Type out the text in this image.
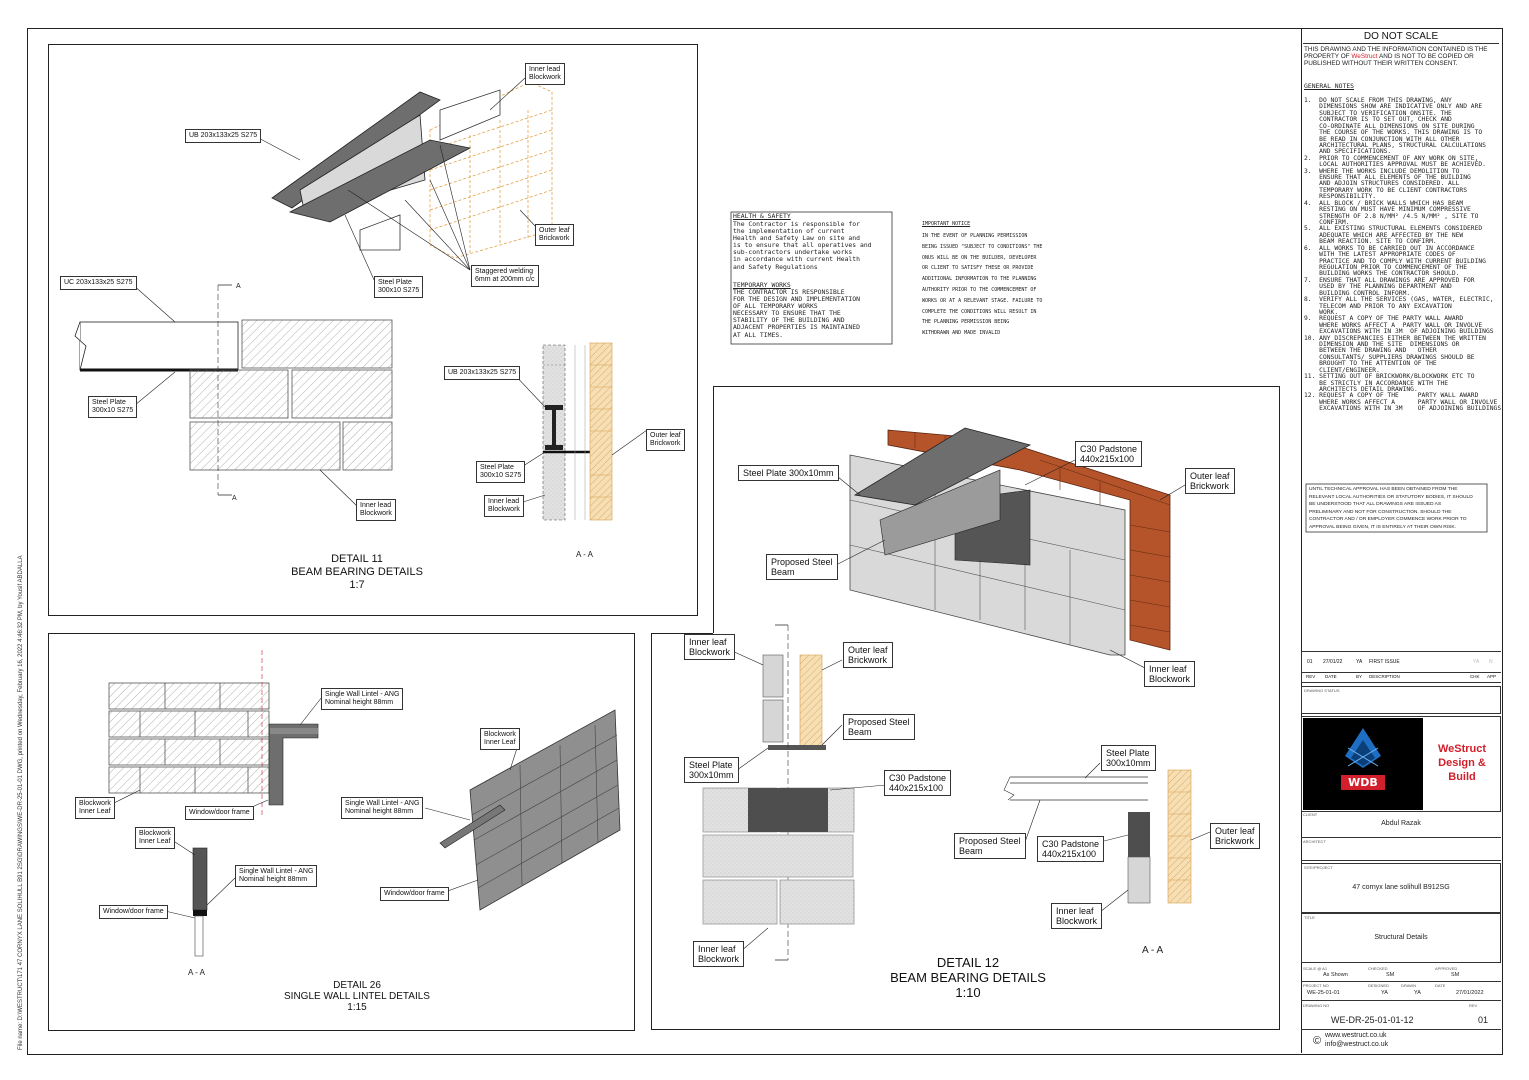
File name: D:\WESTRUCT\171 47 CORNYX LANE SOLIHULL B91 2SG\DRAWINGS\WE-DR-25-01-01 DWG, printed on Wednesday, February 16, 2022 4:46:32 PM, by Yousif ABDALLA
Inner lead
Blockwork
UB 203x133x25 S275
Outer leaf
Brickwork
Staggered welding
6mm at 200mm c/c
Steel Plate
300x10 S275
UC 203x133x25 S275
Steel Plate
300x10 S275
Inner lead
Blockwork
UB 203x133x25 S275
Outer leaf
Brickwork
Steel Plate
300x10 S275
Inner lead
Blockwork
A
A
DETAIL 11
BEAM BEARING DETAILS
1:7
A - A
Single Wall Lintel - ANG
Nominal height 88mm
Blockwork
Inner Leaf	Window/door frame
Blockwork
Inner Leaf
Single Wall Lintel - ANG
Nominal height 88mm
Window/door frame
Blockwork
Inner Leaf
Single Wall Lintel - ANG
Nominal height 88mm
Window/door frame
A - A
DETAIL 26
SINGLE WALL LINTEL DETAILS
1:15
C30 Padstone
440x215x100
Steel Plate 300x10mm	Outer leaf
Brickwork
Proposed Steel
Beam
Inner leaf
Blockwork
Inner leaf
Blockwork	Outer leaf
Brickwork
Proposed Steel
Beam
Steel Plate
300x10mm	C30 Padstone
440x215x100
Inner leaf
Blockwork
Steel Plate
300x10mm
Outer leaf
Brickwork
Proposed Steel
Beam
C30 Padstone
440x215x100
Inner leaf
Blockwork
A - A
DETAIL 12
BEAM BEARING DETAILS
1:10
HEALTH & SAFETY
The Contractor is responsible for
the implementation of current
Health and Safety Law on site and
is to ensure that all operatives and
sub-contractors undertake works
in accordance with current Health
and Safety Regulations
TEMPORARY WORKS
THE CONTRACTOR IS RESPONSIBLE
FOR THE DESIGN AND IMPLEMENTATION
OF ALL TEMPORARY WORKS
NECESSARY TO ENSURE THAT THE
STABILITY OF THE BUILDING AND
ADJACENT PROPERTIES IS MAINTAINED
AT ALL TIMES.
IMPORTANT NOTICE
IN THE EVENT OF PLANNING PERMISSION
BEING ISSUED "SUBJECT TO CONDITIONS" THE
ONUS WILL BE ON THE BUILDER, DEVELOPER
OR CLIENT TO SATISFY THESE OR PROVIDE
ADDITIONAL INFORMATION TO THE PLANNING
AUTHORITY PRIOR TO THE COMMENCEMENT OF
WORKS OR AT A RELEVANT STAGE. FAILURE TO
COMPLETE THE CONDITIONS WILL RESULT IN
THE PLANNING PERMISSION BEING
WITHDRAWN AND MADE INVALID
DO NOT SCALE
THIS DRAWING AND THE INFORMATION CONTAINED IS THE
PROPERTY OF WeStruct AND IS NOT TO BE COPIED OR
PUBLISHED WITHOUT THEIR WRITTEN CONSENT.
GENERAL NOTES
1.  DO NOT SCALE FROM THIS DRAWING, ANY
DIMENSIONS SHOW ARE INDICATIVE ONLY AND ARE
SUBJECT TO VERIFICATION ONSITE. THE
CONTRACTOR IS TO SET OUT, CHECK AND
CO-ORDINATE ALL DIMENSIONS ON SITE DURING
THE COURSE OF THE WORKS. THIS DRAWING IS TO
BE READ IN CONJUNCTION WITH ALL OTHER
ARCHITECTURAL PLANS, STRUCTURAL CALCULATIONS
AND SPECIFICATIONS.
2.  PRIOR TO COMMENCEMENT OF ANY WORK ON SITE,
LOCAL AUTHORITIES APPROVAL MUST BE ACHIEVED.
3.  WHERE THE WORKS INCLUDE DEMOLITION TO
ENSURE THAT ALL ELEMENTS OF THE BUILDING
AND ADJOIN STRUCTURES CONSIDERED. ALL
TEMPORARY WORK TO BE CLIENT CONTRACTORS
RESPONSIBILITY.
4.  ALL BLOCK / BRICK WALLS WHICH HAS BEAM
RESTING ON MUST HAVE MINIMUM COMPRESSIVE
STRENGTH OF 2.8 N/MM² /4.5 N/MM² , SITE TO
CONFIRM.
5.  ALL EXISTING STRUCTURAL ELEMENTS CONSIDERED
ADEQUATE WHICH ARE AFFECTED BY THE NEW
BEAM REACTION. SITE TO CONFIRM.
6.  ALL WORKS TO BE CARRIED OUT IN ACCORDANCE
WITH THE LATEST APPROPRIATE CODES OF
PRACTICE AND TO COMPLY WITH CURRENT BUILDING
REGULATION PRIOR TO COMMENCEMENT OF THE
BUILDING WORKS THE CONTRACTOR SHOULD.
7.  ENSURE THAT ALL DRAWINGS ARE APPROVED FOR
USED BY THE PLANNING DEPARTMENT AND
BUILDING CONTROL INFORM.
8.  VERIFY ALL THE SERVICES (GAS, WATER, ELECTRIC,
TELECOM AND PRIOR TO ANY EXCAVATION
WORK.
9.  REQUEST A COPY OF THE PARTY WALL AWARD
WHERE WORKS AFFECT A  PARTY WALL OR INVOLVE
EXCAVATIONS WITH IN 3M  OF ADJOINING BUILDINGS
10. ANY DISCREPANCIES EITHER BETWEEN THE WRITTEN
DIMENSION AND THE SITE  DIMENSIONS OR
BETWEEN THE DRAWING AND   OTHER
CONSULTANTS/ SUPPLIERS DRAWINGS SHOULD BE
BROUGHT TO THE ATTENTION OF THE
CLIENT/ENGINEER.
11. SETTING OUT OF BRICKWORK/BLOCKWORK ETC TO
BE STRICTLY IN ACCORDANCE WITH THE
ARCHITECTS DETAIL DRAWING.
12. REQUEST A COPY OF THE     PARTY WALL AWARD
WHERE WORKS AFFECT A      PARTY WALL OR INVOLVE
EXCAVATIONS WITH IN 3M    OF ADJOINING BUILDINGS
UNTIL TECHNICAL APPROVAL HAS BEEN OBTAINED FROM THE
RELEVANT LOCAL AUTHORITIES OR STATUTORY BODIES, IT SHOULD
BE UNDERSTOOD THAT ALL DRAWINGS ARE ISSUED AS
PRELIMINARY AND NOT FOR CONSTRUCTION. SHOULD THE
CONTRACTOR AND / OR EMPLOYER COMMENCE WORK PRIOR TO
APPROVAL BEING GIVEN, IT IS ENTIRELY AT THEIR OWN RISK.
01 27/01/22	YA FIRST ISSUE	YA N
REV DATE	BY DESCRIPTION	CHK APP
DRAWING STATUS
WDB
WeStruct
Design &
Build
CLIENT
Abdul Razak
ARCHITECT
SITE/PROJECT
47 cornyx lane solihull B912SG
TITLE
Structural Details
SCALE @ A1
As Shown
CHECKED
SM
APPROVED
SM
PROJECT NO
WE-25-01-01
DESIGNED
YA
DRAWN
YA
DATE
27/01/2022
DRAWING NO
WE-DR-25-01-01-12
REV
01
© www.westruct.co.uk
info@westruct.co.uk
